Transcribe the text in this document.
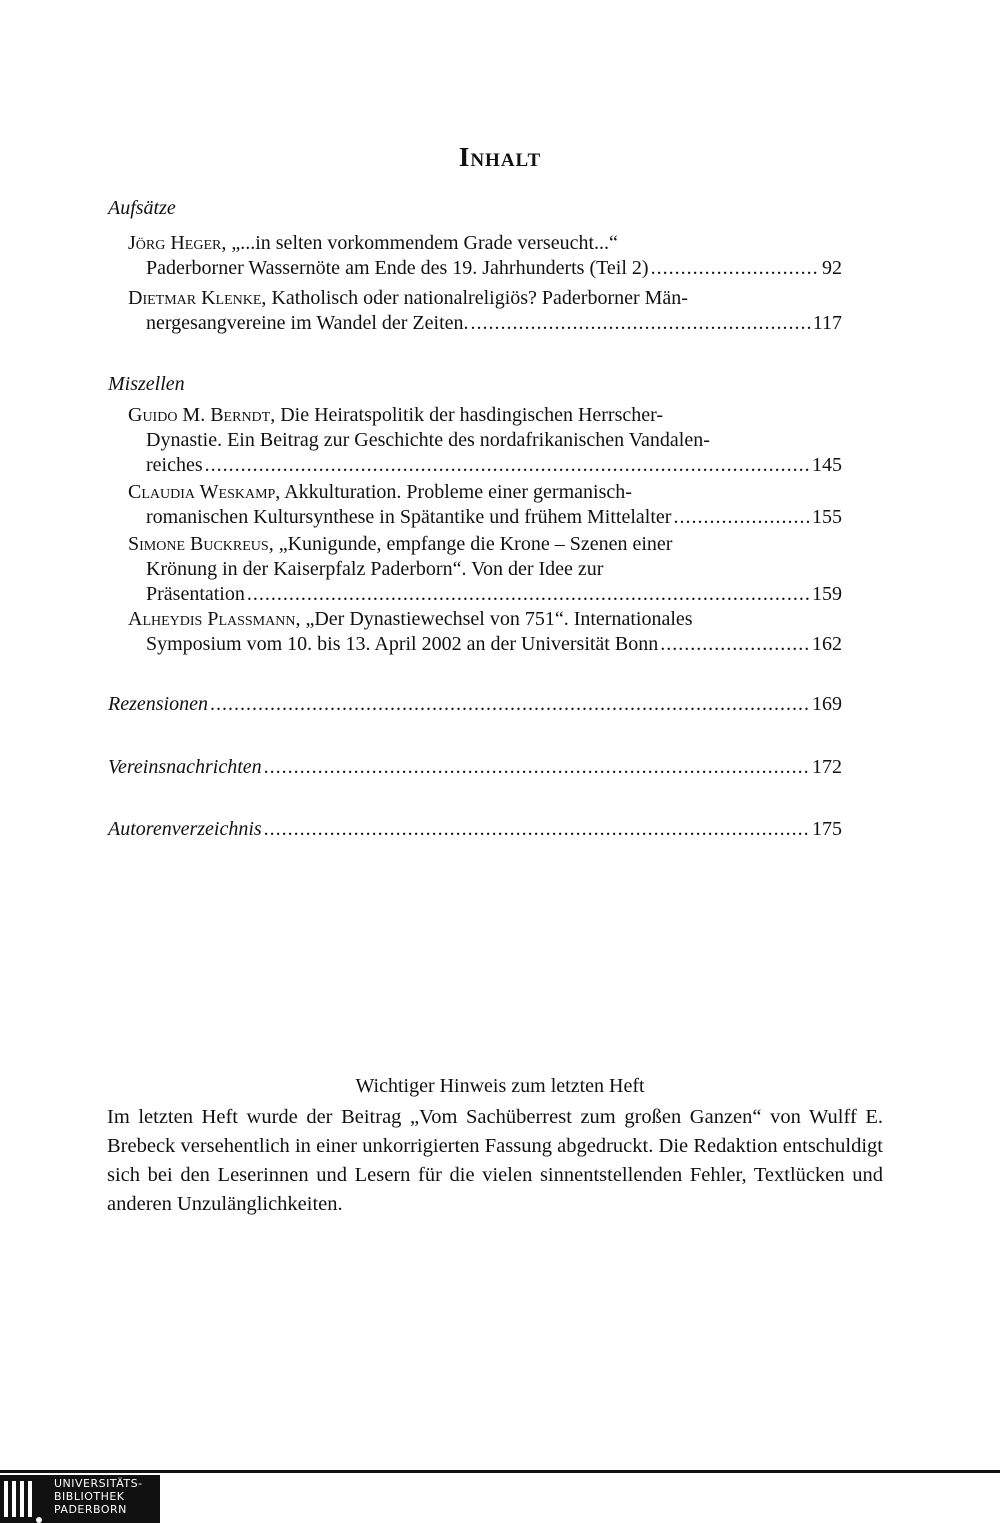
Inhalt
Aufsätze
Jörg Heger, „...in selten vorkommendem Grade verseucht...“
Paderborner Wassernöte am Ende des 19. Jahrhunderts (Teil 2) .....	92
Dietmar Klenke, Katholisch oder nationalreligiös? Paderborner Män-
nergesangvereine im Wandel der Zeiten. .....	117
Miszellen
Guido M. Berndt, Die Heiratspolitik der hasdingischen Herrscher-
Dynastie. Ein Beitrag zur Geschichte des nordafrikanischen Vandalen-
reiches .....	145
Claudia Weskamp, Akkulturation. Probleme einer germanisch-
romanischen Kultursynthese in Spätantike und frühem Mittelalter .....	155
Simone Buckreus, „Kunigunde, empfange die Krone – Szenen einer
Krönung in der Kaiserpfalz Paderborn“. Von der Idee zur
Präsentation .....	159
Alheydis Plassmann, „Der Dynastiewechsel von 751“. Internationales
Symposium vom 10. bis 13. April 2002 an der Universität Bonn .....	162
Rezensionen .....	169
Vereinsnachrichten .....	172
Autorenverzeichnis .....	175
Wichtiger Hinweis zum letzten Heft
Im letzten Heft wurde der Beitrag „Vom Sachüberrest zum großen Ganzen“ von Wulff E. Brebeck versehentlich in einer unkorrigierten Fassung abgedruckt. Die Redaktion entschuldigt sich bei den Leserinnen und Lesern für die vielen sinnentstellenden Fehler, Textlücken und anderen Unzulänglichkeiten.
UNIVERSITÄTS-
BIBLIOTHEK
PADERBORN
